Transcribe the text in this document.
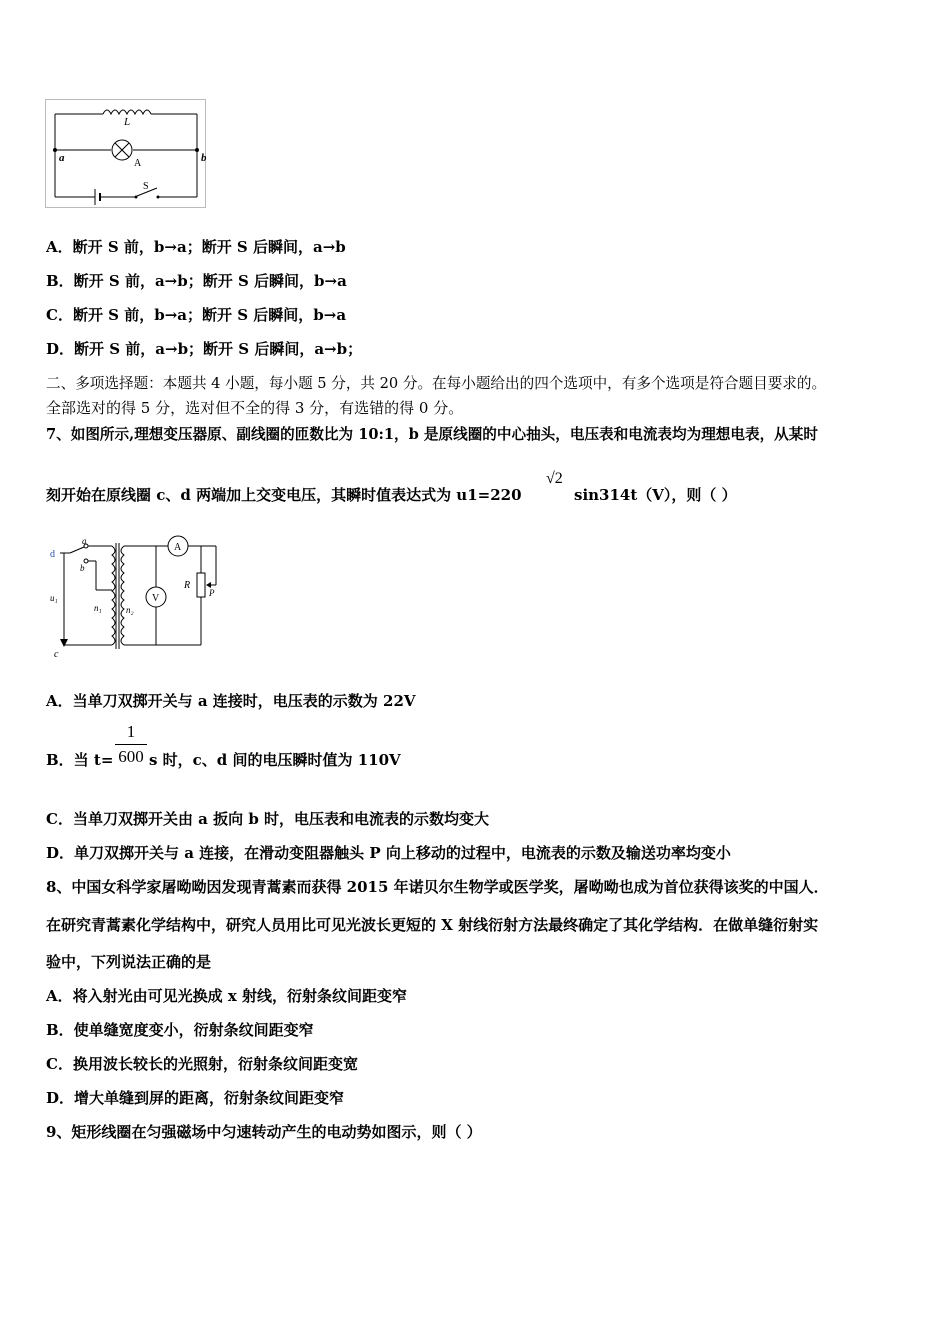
L
a	b
A
S
A．断开 S 前，b→a；断开 S 后瞬间，a→b
B．断开 S 前，a→b；断开 S 后瞬间，b→a
C．断开 S 前，b→a；断开 S 后瞬间，b→a
D．断开 S 前，a→b；断开 S 后瞬间，a→b；
二、多项选择题：本题共 4 小题，每小题 5 分，共 20 分。在每小题给出的四个选项中，有多个选项是符合题目要求的。
全部选对的得 5 分，选对但不全的得 3 分，有选错的得 0 分。
7、如图所示,理想变压器原、副线圈的匝数比为 10:1，b 是原线圈的中心抽头，电压表和电流表均为理想电表，从某时
刻开始在原线圈 c、d 两端加上交变电压，其瞬时值表达式为 u1=220
√2
sin314t（V），则（ ）
d
a
b
u₁
n₁	n₂
c
A
V
R
P
A．当单刀双掷开关与 a 连接时，电压表的示数为 22V
B．当 t=
1
600 s 时，c、d 间的电压瞬时值为 110V
C．当单刀双掷开关由 a 扳向 b 时，电压表和电流表的示数均变大
D．单刀双掷开关与 a 连接，在滑动变阻器触头 P 向上移动的过程中，电流表的示数及输送功率均变小
8、中国女科学家屠呦呦因发现青蒿素而获得 2015 年诺贝尔生物学或医学奖，屠呦呦也成为首位获得该奖的中国人．
在研究青蒿素化学结构中，研究人员用比可见光波长更短的 X 射线衍射方法最终确定了其化学结构．在做单缝衍射实
验中，下列说法正确的是
A．将入射光由可见光换成 x 射线，衍射条纹间距变窄
B．使单缝宽度变小，衍射条纹间距变窄
C．换用波长较长的光照射，衍射条纹间距变宽
D．增大单缝到屏的距离，衍射条纹间距变窄
9、矩形线圈在匀强磁场中匀速转动产生的电动势如图示，则（ ）
